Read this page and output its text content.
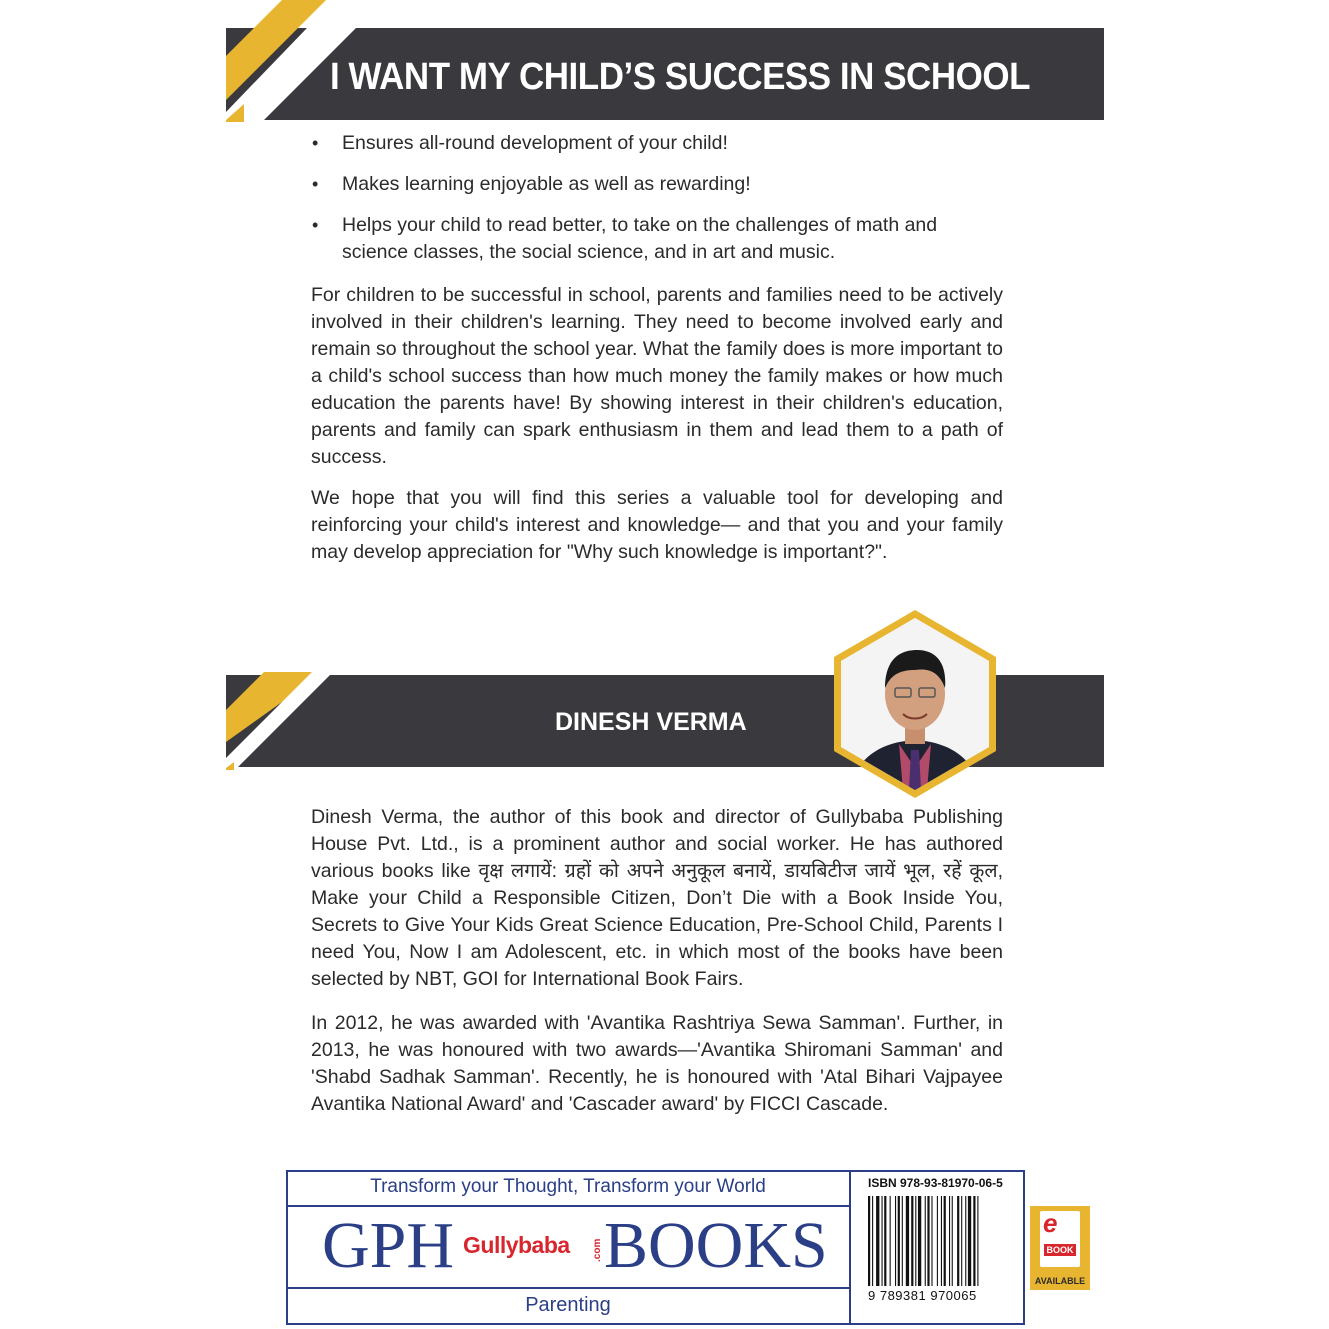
I WANT MY CHILD’S SUCCESS IN SCHOOL
• Ensures all-round development of your child!
• Makes learning enjoyable as well as rewarding!
• Helps your child to read better, to take on the challenges of math and science classes, the social science, and in art and music.

For children to be successful in school, parents and families need to be actively involved in their children's learning. They need to become involved early and remain so throughout the school year. What the family does is more important to a child's school success than how much money the family makes or how much education the parents have! By showing interest in their children's education, parents and family can spark enthusiasm in them and lead them to a path of success.

We hope that you will find this series a valuable tool for developing and reinforcing your child's interest and knowledge— and that you and your family may develop appreciation for "Why such knowledge is important?".

DINESH VERMA

Dinesh Verma, the author of this book and director of Gullybaba Publishing House Pvt. Ltd., is a prominent author and social worker. He has authored various books like वृक्ष लगायें: ग्रहों को अपने अनुकूल बनायें, डायबिटीज जायें भूल, रहें कूल, Make your Child a Responsible Citizen, Don’t Die with a Book Inside You, Secrets to Give Your Kids Great Science Education, Pre-School Child, Parents I need You, Now I am Adolescent, etc. in which most of the books have been selected by NBT, GOI for International Book Fairs.

In 2012, he was awarded with 'Avantika Rashtriya Sewa Samman'. Further, in 2013, he was honoured with two awards—'Avantika Shiromani Samman' and 'Shabd Sadhak Samman'. Recently, he is honoured with 'Atal Bihari Vajpayee Avantika National Award' and 'Cascader award' by FICCI Cascade.

Transform your Thought, Transform your World
GPH Gullybaba .com BOOKS
Parenting
ISBN 978-93-81970-06-5
9 789381 970065
e
BOOK
AVAILABLE
